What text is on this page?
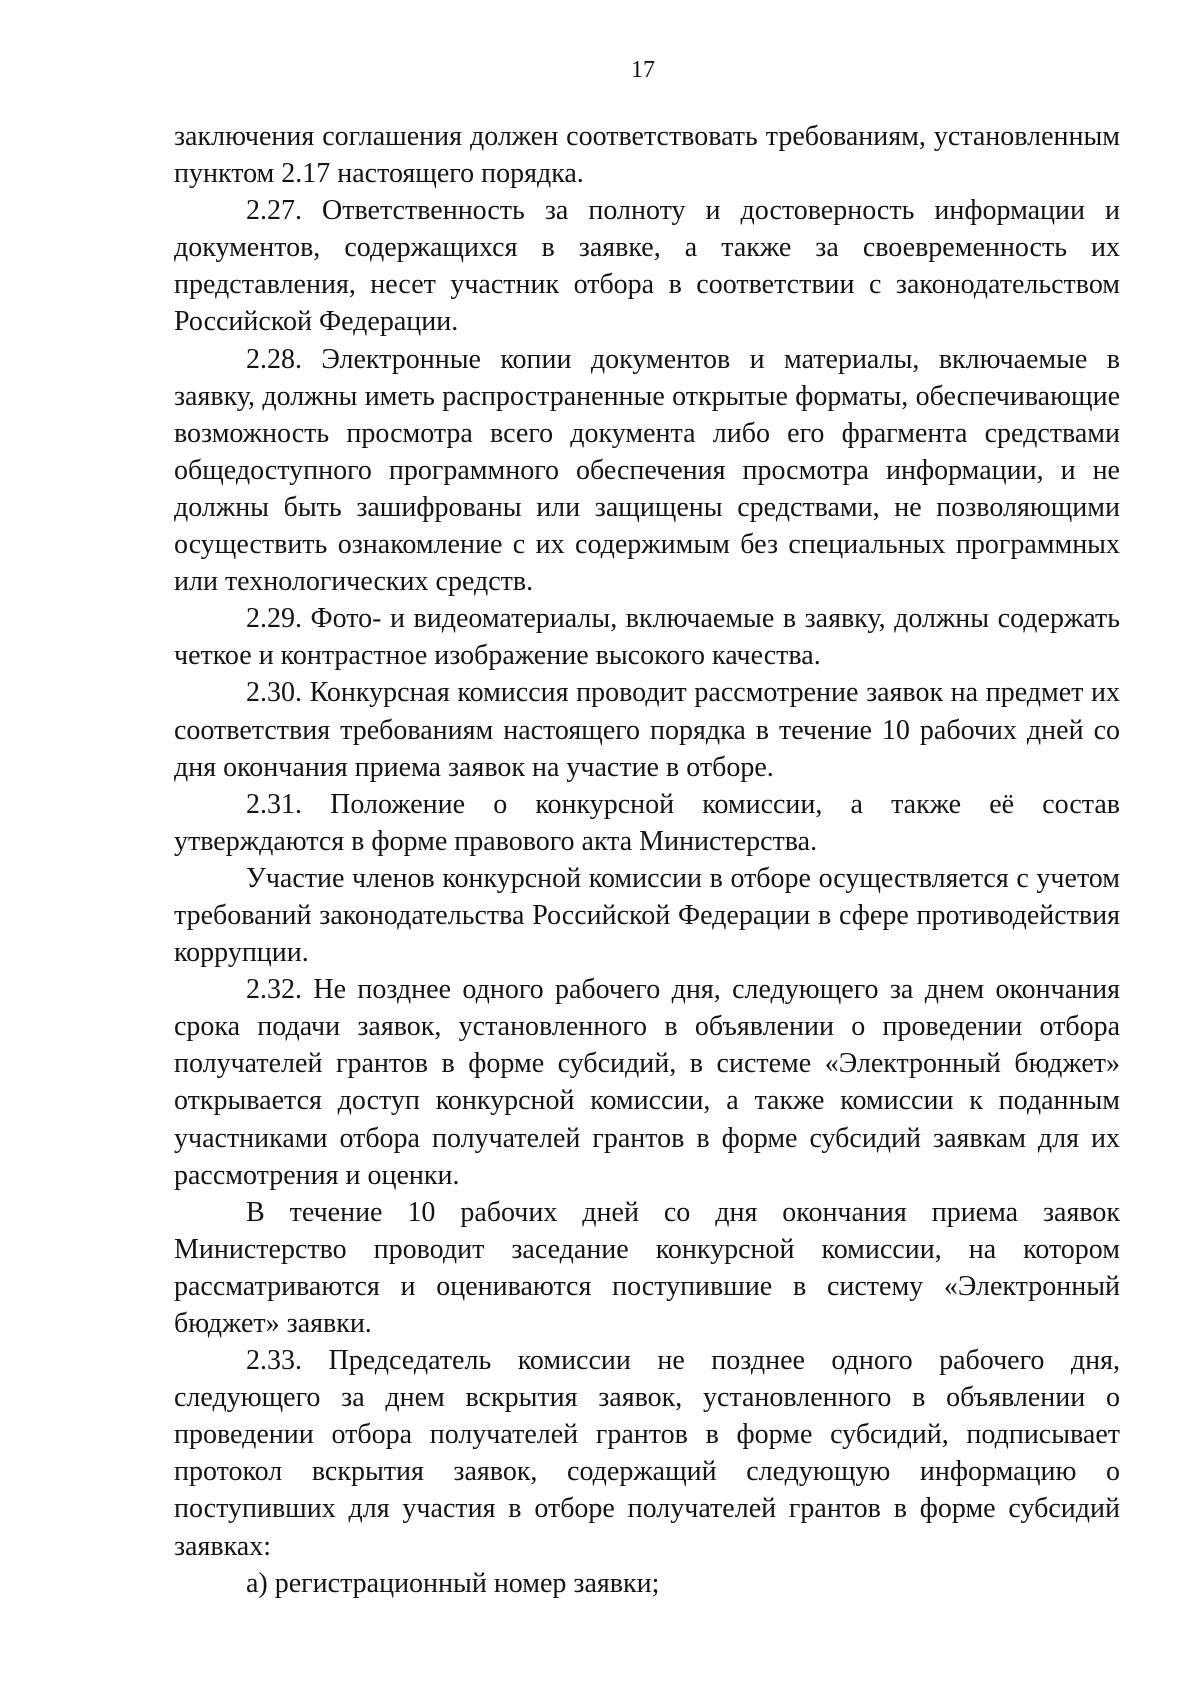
17

заключения соглашения должен соответствовать требованиям, установленным пунктом 2.17 настоящего порядка.

2.27. Ответственность за полноту и достоверность информации и документов, содержащихся в заявке, а также за своевременность их представления, несет участник отбора в соответствии с законодательством Российской Федерации.

2.28. Электронные копии документов и материалы, включаемые в заявку, должны иметь распространенные открытые форматы, обеспечивающие возможность просмотра всего документа либо его фрагмента средствами общедоступного программного обеспечения просмотра информации, и не должны быть зашифрованы или защищены средствами, не позволяющими осуществить ознакомление с их содержимым без специальных программных или технологических средств.

2.29. Фото- и видеоматериалы, включаемые в заявку, должны содержать четкое и контрастное изображение высокого качества.

2.30. Конкурсная комиссия проводит рассмотрение заявок на предмет их соответствия требованиям настоящего порядка в течение 10 рабочих дней со дня окончания приема заявок на участие в отборе.

2.31. Положение о конкурсной комиссии, а также её состав утверждаются в форме правового акта Министерства.

Участие членов конкурсной комиссии в отборе осуществляется с учетом требований законодательства Российской Федерации в сфере противодействия коррупции.

2.32. Не позднее одного рабочего дня, следующего за днем окончания срока подачи заявок, установленного в объявлении о проведении отбора получателей грантов в форме субсидий, в системе «Электронный бюджет» открывается доступ конкурсной комиссии, а также комиссии к поданным участниками отбора получателей грантов в форме субсидий заявкам для их рассмотрения и оценки.

В течение 10 рабочих дней со дня окончания приема заявок Министерство проводит заседание конкурсной комиссии, на котором рассматриваются и оцениваются поступившие в систему «Электронный бюджет» заявки.

2.33. Председатель комиссии не позднее одного рабочего дня, следующего за днем вскрытия заявок, установленного в объявлении о проведении отбора получателей грантов в форме субсидий, подписывает протокол вскрытия заявок, содержащий следующую информацию о поступивших для участия в отборе получателей грантов в форме субсидий заявках:

а) регистрационный номер заявки;
